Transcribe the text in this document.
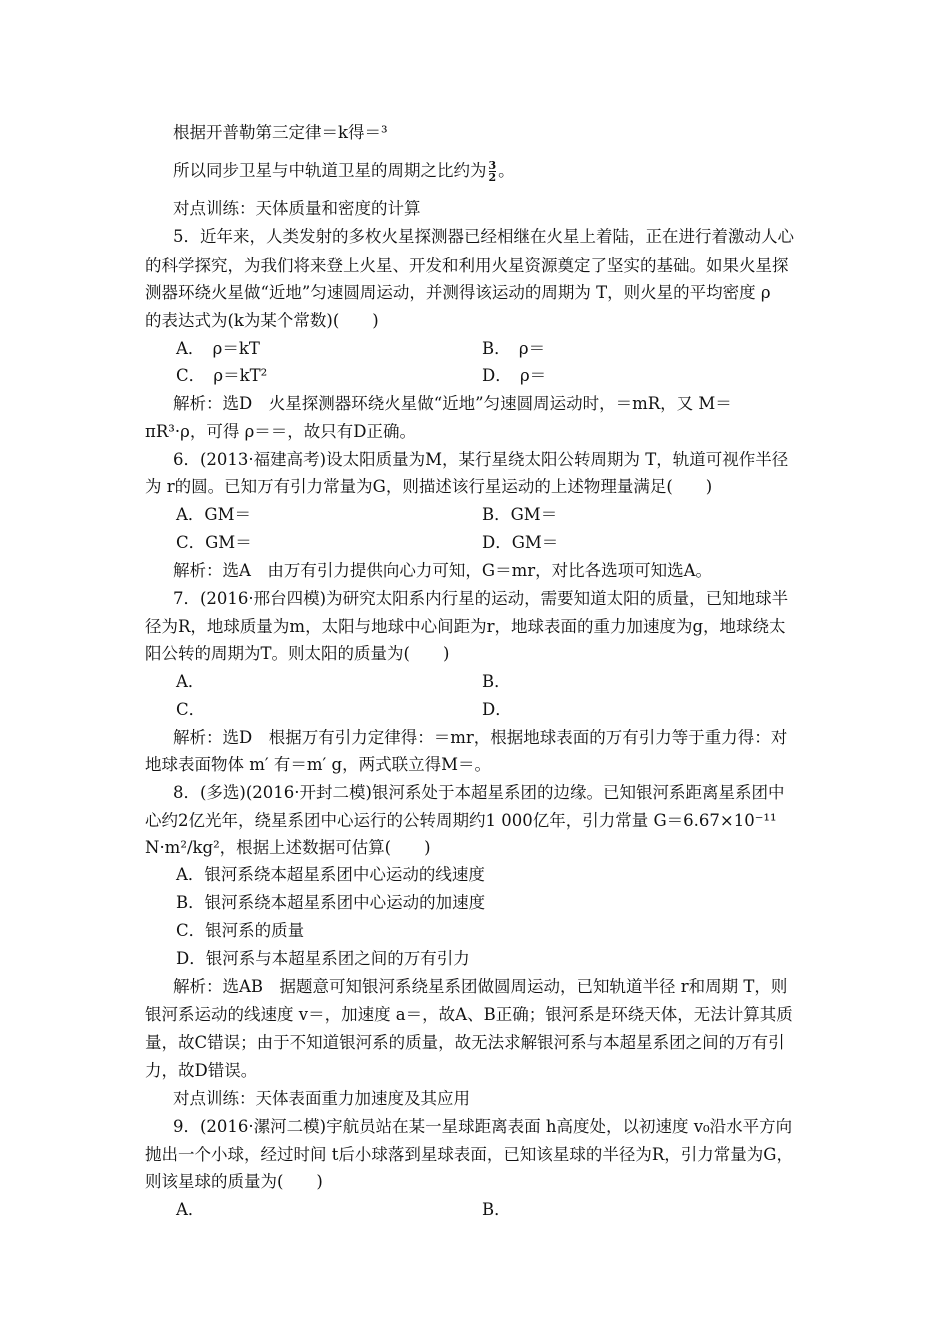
根据开普勒第三定律＝k得＝³
所以同步卫星与中轨道卫星的周期之比约为 $\frac{3}{2}$ 。
对点训练：天体质量和密度的计算
5．近年来，人类发射的多枚火星探测器已经相继在火星上着陆，正在进行着激动人心
的科学探究，为我们将来登上火星、开发和利用火星资源奠定了坚实的基础。如果火星探
测器环绕火星做“近地”匀速圆周运动，并测得该运动的周期为 T，则火星的平均密度 ρ
的表达式为(k为某个常数)(　　)
A．　ρ＝kT	B．　ρ＝
C．　ρ＝kT²	D．　ρ＝
解析：选D　火星探测器环绕火星做“近地”匀速圆周运动时，＝mR，又 M＝
πR³·ρ，可得 ρ＝＝，故只有D正确。
6．(2013·福建高考)设太阳质量为M，某行星绕太阳公转周期为 T，轨道可视作半径
为 r的圆。已知万有引力常量为G，则描述该行星运动的上述物理量满足(　　)
A．GM＝	B．GM＝
C．GM＝	D．GM＝
解析：选A　由万有引力提供向心力可知，G＝mr，对比各选项可知选A。
7．(2016·邢台四模)为研究太阳系内行星的运动，需要知道太阳的质量，已知地球半
径为R，地球质量为m，太阳与地球中心间距为r，地球表面的重力加速度为g，地球绕太
阳公转的周期为T。则太阳的质量为(　　)
A．	B．
C．	D．
解析：选D　根据万有引力定律得：＝mr，根据地球表面的万有引力等于重力得：对
地球表面物体 m′ 有＝m′ g，两式联立得M＝。
8．(多选)(2016·开封二模)银河系处于本超星系团的边缘。已知银河系距离星系团中
心约2亿光年，绕星系团中心运行的公转周期约1 000亿年，引力常量 G＝6.67×10⁻¹¹
N·m²/kg²，根据上述数据可估算(　　)
A．银河系绕本超星系团中心运动的线速度
B．银河系绕本超星系团中心运动的加速度
C．银河系的质量
D．银河系与本超星系团之间的万有引力
解析：选AB　据题意可知银河系绕星系团做圆周运动，已知轨道半径 r和周期 T，则
银河系运动的线速度 v＝，加速度 a＝，故A、B正确；银河系是环绕天体，无法计算其质
量，故C错误；由于不知道银河系的质量，故无法求解银河系与本超星系团之间的万有引
力，故D错误。
对点训练：天体表面重力加速度及其应用
9．(2016·漯河二模)宇航员站在某一星球距离表面 h高度处，以初速度 v₀沿水平方向
抛出一个小球，经过时间 t后小球落到星球表面，已知该星球的半径为R，引力常量为G，
则该星球的质量为(　　)
A．	B．
